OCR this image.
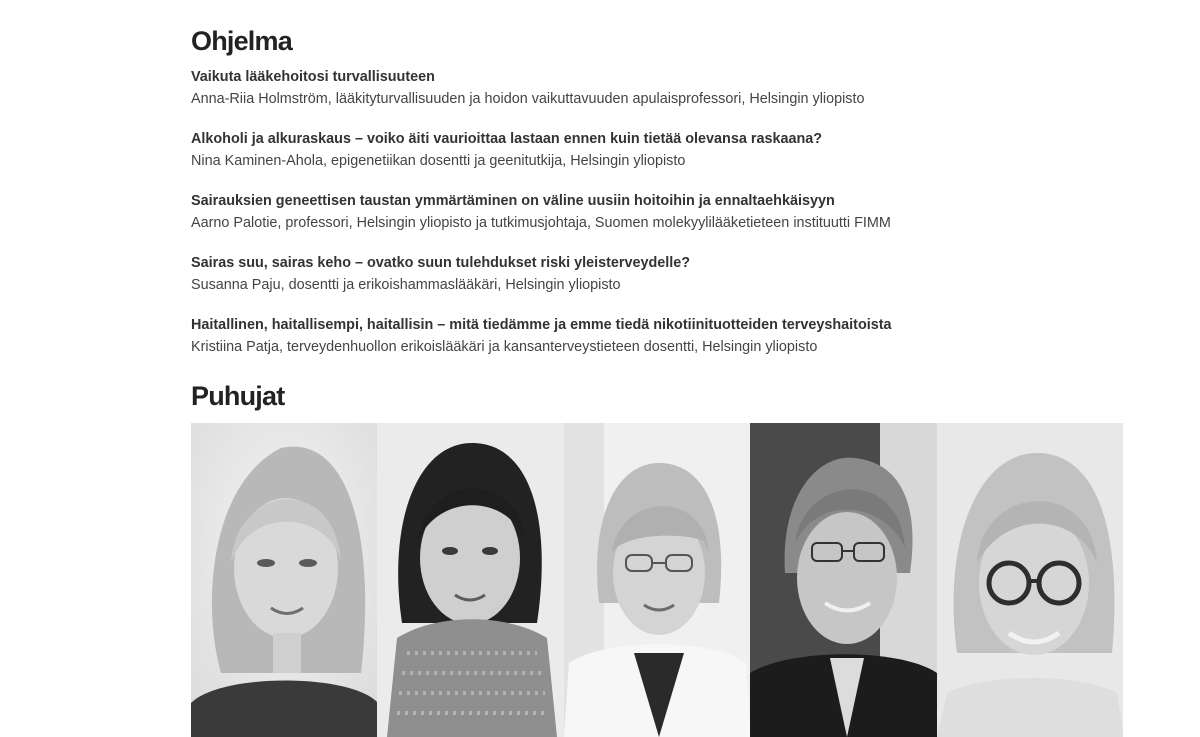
Ohjelma
Vaikuta lääkehoitosi turvallisuuteen
Anna-Riia Holmström, lääkityturvallisuuden ja hoidon vaikuttavuuden apulaisprofessori, Helsingin yliopisto
Alkoholi ja alkuraskaus – voiko äiti vaurioittaa lastaan ennen kuin tietää olevansa raskaana?
Nina Kaminen-Ahola, epigenetiikan dosentti ja geenitutkija, Helsingin yliopisto
Sairauksien geneettisen taustan ymmärtäminen on väline uusiin hoitoihin ja ennaltaehkäisyyn
Aarno Palotie, professori, Helsingin yliopisto ja tutkimusjohtaja, Suomen molekyylilääketieteen instituutti FIMM
Sairas suu, sairas keho – ovatko suun tulehdukset riski yleisterveydelle?
Susanna Paju, dosentti ja erikoishammaslääkäri, Helsingin yliopisto
Haitallinen, haitallisempi, haitallisin – mitä tiedämme ja emme tiedä nikotiinituotteiden terveyshaitoista
Kristiina Patja, terveydenhuollon erikoislääkäri ja kansanterveystieteen dosentti, Helsingin yliopisto
Puhujat
